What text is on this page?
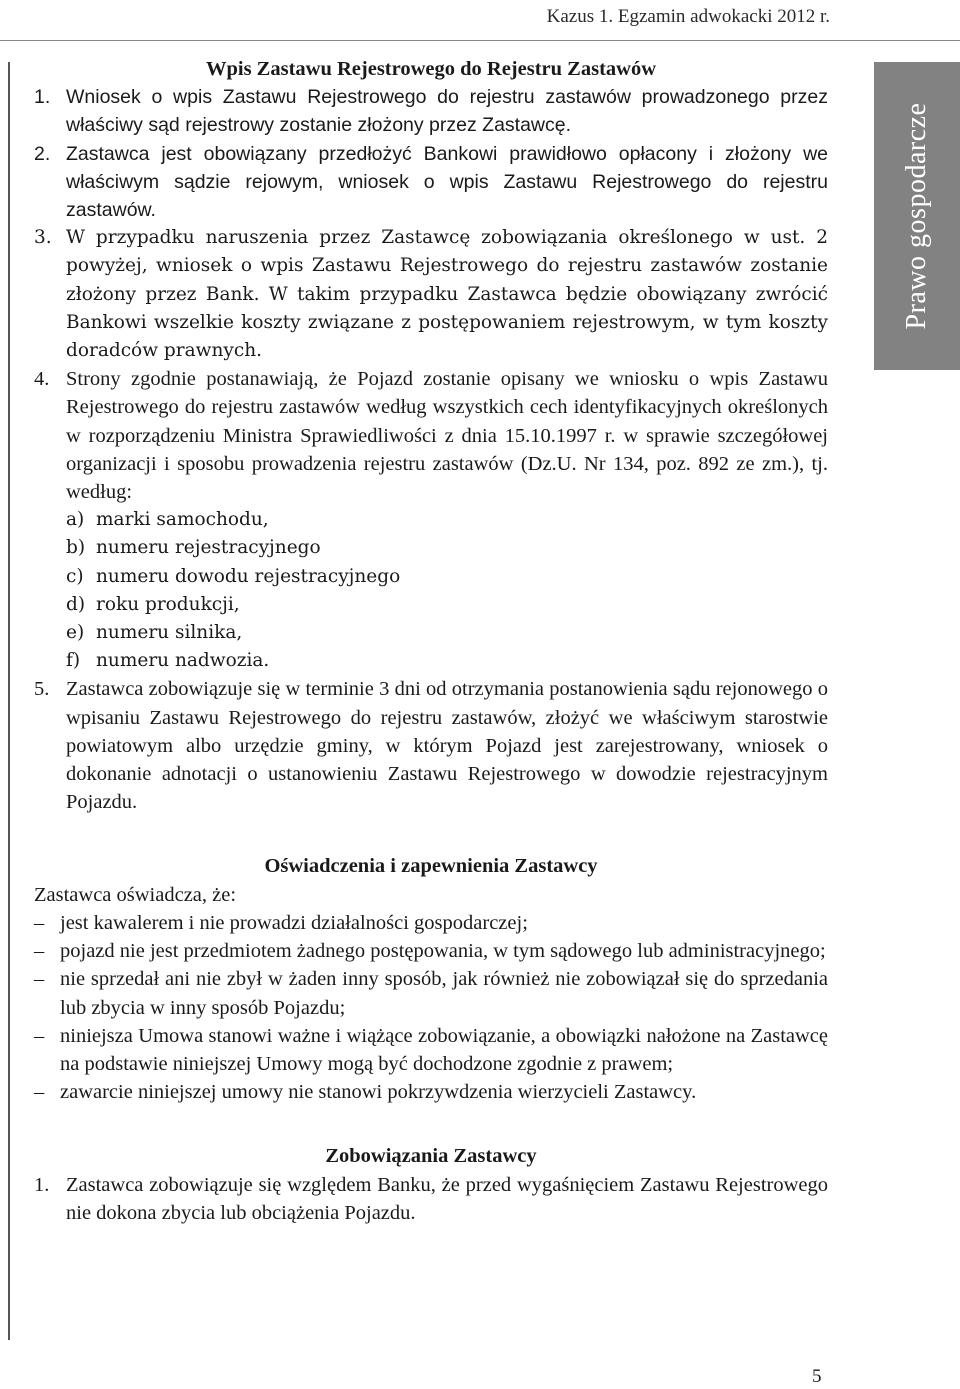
Kazus 1. Egzamin adwokacki 2012 r.
Prawo gospodarcze
Wpis Zastawu Rejestrowego do Rejestru Zastawów
1. Wniosek o wpis Zastawu Rejestrowego do rejestru zastawów prowadzonego przez właściwy sąd rejestrowy zostanie złożony przez Zastawcę.
2. Zastawca jest obowiązany przedłożyć Bankowi prawidłowo opłacony i złożony we właściwym sądzie rejowym, wniosek o wpis Zastawu Rejestrowego do rejestru zastawów.
3. W przypadku naruszenia przez Zastawcę zobowiązania określonego w ust. 2 powyżej, wniosek o wpis Zastawu Rejestrowego do rejestru zastawów zostanie złożony przez Bank. W takim przypadku Zastawca będzie obowiązany zwrócić Bankowi wszelkie koszty związane z postępowaniem rejestrowym, w tym koszty doradców prawnych.
4. Strony zgodnie postanawiają, że Pojazd zostanie opisany we wniosku o wpis Zastawu Rejestrowego do rejestru zastawów według wszystkich cech identyfikacyjnych określonych w rozporządzeniu Ministra Sprawiedliwości z dnia 15.10.1997 r. w sprawie szczegółowej organizacji i sposobu prowadzenia rejestru zastawów (Dz.U. Nr 134, poz. 892 ze zm.), tj. według:
a) marki samochodu,
b) numeru rejestracyjnego
c) numeru dowodu rejestracyjnego
d) roku produkcji,
e) numeru silnika,
f) numeru nadwozia.
5. Zastawca zobowiązuje się w terminie 3 dni od otrzymania postanowienia sądu rejonowego o wpisaniu Zastawu Rejestrowego do rejestru zastawów, złożyć we właściwym starostwie powiatowym albo urzędzie gminy, w którym Pojazd jest zarejestrowany, wniosek o dokonanie adnotacji o ustanowieniu Zastawu Rejestrowego w dowodzie rejestracyjnym Pojazdu.
Oświadczenia i zapewnienia Zastawcy
Zastawca oświadcza, że:
– jest kawalerem i nie prowadzi działalności gospodarczej;
– pojazd nie jest przedmiotem żadnego postępowania, w tym sądowego lub administracyjnego;
– nie sprzedał ani nie zbył w żaden inny sposób, jak również nie zobowiązał się do sprzedania lub zbycia w inny sposób Pojazdu;
– niniejsza Umowa stanowi ważne i wiążące zobowiązanie, a obowiązki nałożone na Zastawcę na podstawie niniejszej Umowy mogą być dochodzone zgodnie z prawem;
– zawarcie niniejszej umowy nie stanowi pokrzywdzenia wierzycieli Zastawcy.
Zobowiązania Zastawcy
1. Zastawca zobowiązuje się względem Banku, że przed wygaśnięciem Zastawu Rejestrowego nie dokona zbycia lub obciążenia Pojazdu.
5
